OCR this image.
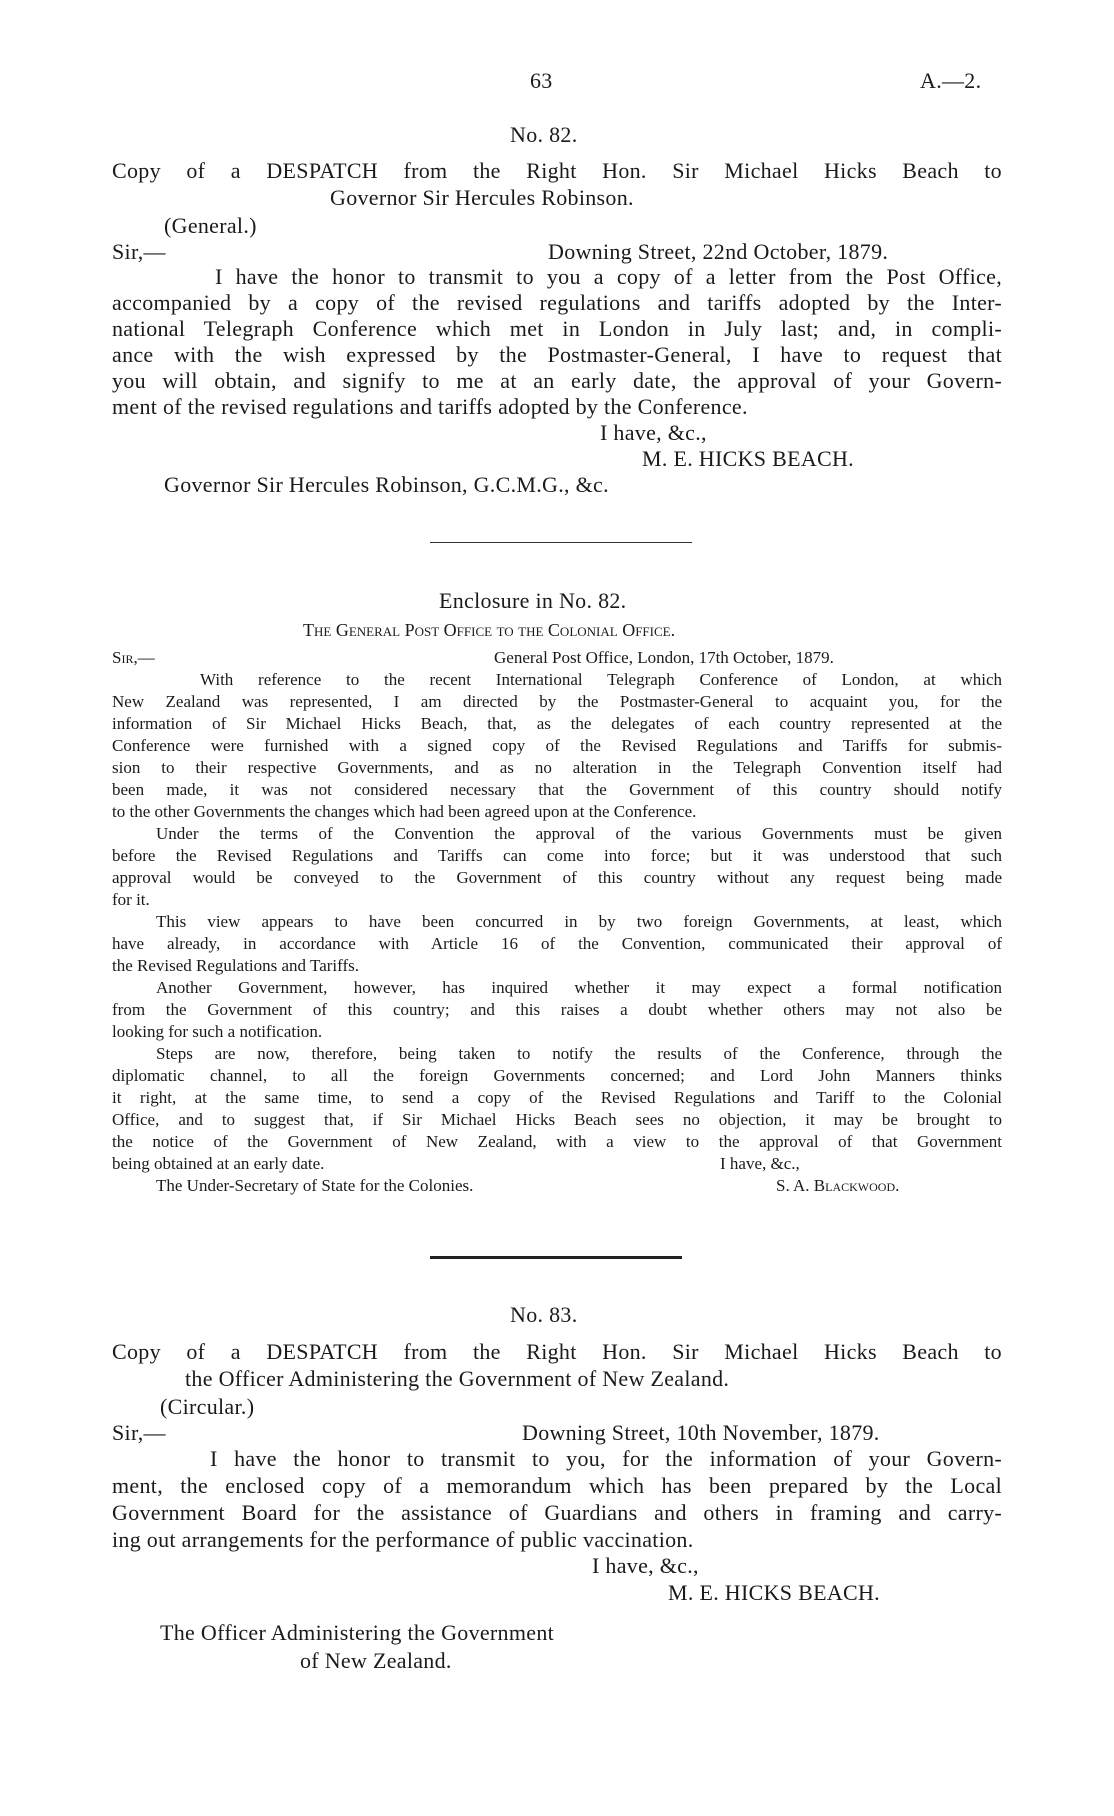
63	A.—2.
No. 82.
Copy of a DESPATCH from the Right Hon. Sir Michael Hicks Beach to
Governor Sir Hercules Robinson.
(General.)
Sir,—	Downing Street, 22nd October, 1879.
I have the honor to transmit to you a copy of a letter from the Post Office,
accompanied by a copy of the revised regulations and tariffs adopted by the Inter-
national Telegraph Conference which met in London in July last; and, in compli-
ance with the wish expressed by the Postmaster-General, I have to request that
you will obtain, and signify to me at an early date, the approval of your Govern-
ment of the revised regulations and tariffs adopted by the Conference.
I have, &c.,
M. E. HICKS BEACH.
Governor Sir Hercules Robinson, G.C.M.G., &c.
Enclosure in No. 82.
The General Post Office to the Colonial Office.
Sir,—	General Post Office, London, 17th October, 1879.
With reference to the recent International Telegraph Conference of London, at which
New Zealand was represented, I am directed by the Postmaster-General to acquaint you, for the
information of Sir Michael Hicks Beach, that, as the delegates of each country represented at the
Conference were furnished with a signed copy of the Revised Regulations and Tariffs for submis-
sion to their respective Governments, and as no alteration in the Telegraph Convention itself had
been made, it was not considered necessary that the Government of this country should notify
to the other Governments the changes which had been agreed upon at the Conference.
Under the terms of the Convention the approval of the various Governments must be given
before the Revised Regulations and Tariffs can come into force; but it was understood that such
approval would be conveyed to the Government of this country without any request being made
for it.
This view appears to have been concurred in by two foreign Governments, at least, which
have already, in accordance with Article 16 of the Convention, communicated their approval of
the Revised Regulations and Tariffs.
Another Government, however, has inquired whether it may expect a formal notification
from the Government of this country; and this raises a doubt whether others may not also be
looking for such a notification.
Steps are now, therefore, being taken to notify the results of the Conference, through the
diplomatic channel, to all the foreign Governments concerned; and Lord John Manners thinks
it right, at the same time, to send a copy of the Revised Regulations and Tariff to the Colonial
Office, and to suggest that, if Sir Michael Hicks Beach sees no objection, it may be brought to
the notice of the Government of New Zealand, with a view to the approval of that Government
being obtained at an early date.	I have, &c.,
The Under-Secretary of State for the Colonies.	S. A. Blackwood.
No. 83.
Copy of a DESPATCH from the Right Hon. Sir Michael Hicks Beach to
the Officer Administering the Government of New Zealand.
(Circular.)
Sir,—	Downing Street, 10th November, 1879.
I have the honor to transmit to you, for the information of your Govern-
ment, the enclosed copy of a memorandum which has been prepared by the Local
Government Board for the assistance of Guardians and others in framing and carry-
ing out arrangements for the performance of public vaccination.
I have, &c.,
M. E. HICKS BEACH.
The Officer Administering the Government
of New Zealand.
